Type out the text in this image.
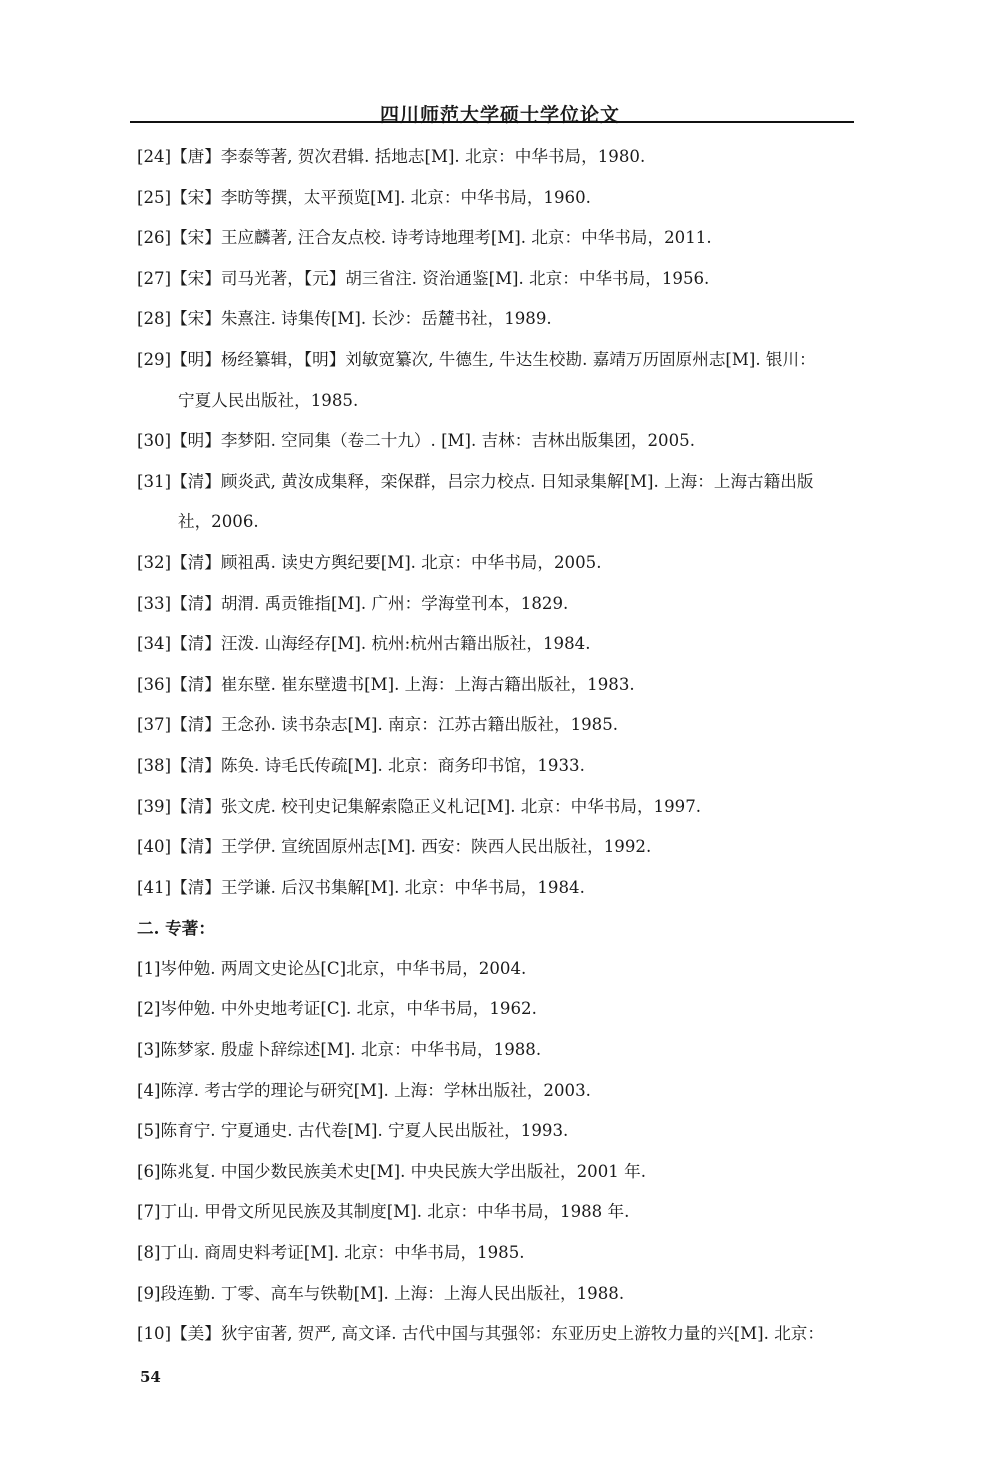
四川师范大学硕士学位论文
[24]【唐】李泰等著, 贺次君辑. 括地志[M]. 北京：中华书局，1980.
[25]【宋】李昉等撰，太平预览[M]. 北京：中华书局，1960.
[26]【宋】王应麟著, 汪合友点校. 诗考诗地理考[M]. 北京：中华书局，2011.
[27]【宋】司马光著，【元】胡三省注. 资治通鉴[M]. 北京：中华书局，1956.
[28]【宋】朱熹注. 诗集传[M]. 长沙：岳麓书社，1989.
[29]【明】杨经纂辑，【明】刘敏宽纂次, 牛德生, 牛达生校勘. 嘉靖万历固原州志[M]. 银川：
宁夏人民出版社，1985.
[30]【明】李梦阳. 空同集（卷二十九）. [M]. 吉林：吉林出版集团，2005.
[31]【清】顾炎武, 黄汝成集释，栾保群，吕宗力校点. 日知录集解[M]. 上海：上海古籍出版
社，2006.
[32]【清】顾祖禹. 读史方舆纪要[M]. 北京：中华书局，2005.
[33]【清】胡渭. 禹贡锥指[M]. 广州：学海堂刊本，1829.
[34]【清】汪泼. 山海经存[M]. 杭州:杭州古籍出版社，1984.
[36]【清】崔东壁. 崔东壁遗书[M]. 上海：上海古籍出版社，1983.
[37]【清】王念孙. 读书杂志[M]. 南京：江苏古籍出版社，1985.
[38]【清】陈奂. 诗毛氏传疏[M]. 北京：商务印书馆，1933.
[39]【清】张文虎. 校刊史记集解索隐正义札记[M]. 北京：中华书局，1997.
[40]【清】王学伊. 宣统固原州志[M]. 西安：陕西人民出版社，1992.
[41]【清】王学谦. 后汉书集解[M]. 北京：中华书局，1984.
二. 专著：
[1]岑仲勉. 两周文史论丛[C]北京，中华书局，2004.
[2]岑仲勉. 中外史地考证[C]. 北京，中华书局，1962.
[3]陈梦家. 殷虚卜辞综述[M]. 北京：中华书局，1988.
[4]陈淳. 考古学的理论与研究[M]. 上海：学林出版社，2003.
[5]陈育宁. 宁夏通史. 古代卷[M]. 宁夏人民出版社，1993.
[6]陈兆复. 中国少数民族美术史[M]. 中央民族大学出版社，2001 年.
[7]丁山. 甲骨文所见民族及其制度[M]. 北京：中华书局，1988 年.
[8]丁山. 商周史料考证[M]. 北京：中华书局，1985.
[9]段连勤. 丁零、高车与铁勒[M]. 上海：上海人民出版社，1988.
[10]【美】狄宇宙著, 贺严, 高文译. 古代中国与其强邻：东亚历史上游牧力量的兴[M]. 北京：
54
